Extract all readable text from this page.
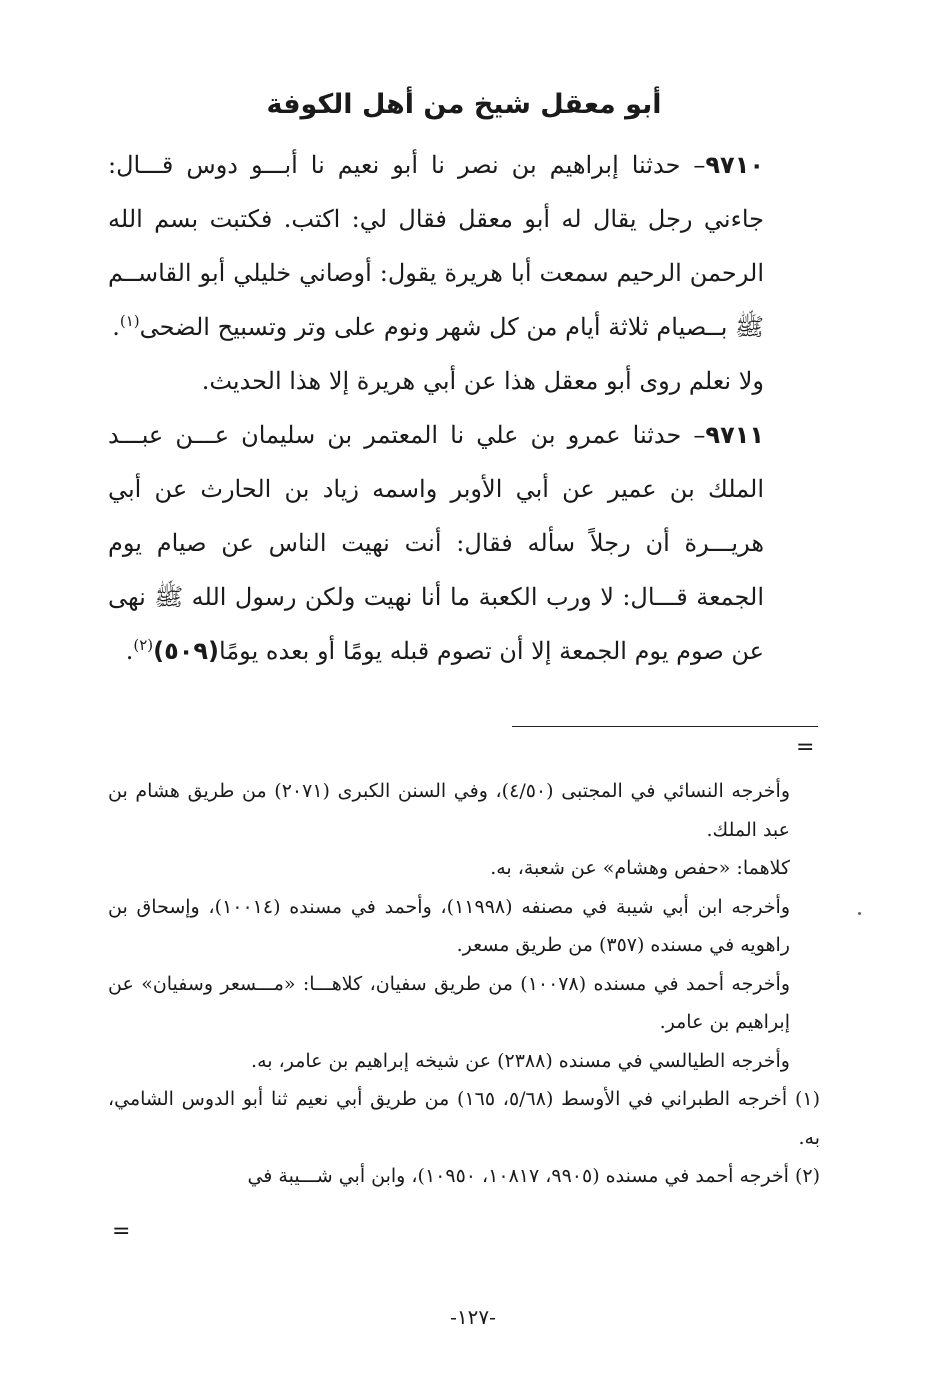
أبو معقل شيخ من أهل الكوفة

٩٧١٠– حدثنا إبراهيم بن نصر نا أبو نعيم نا أبـــو دوس قـــال: جاءني رجل يقال له أبو معقل فقال لي: اكتب. فكتبت بسم الله الرحمن الرحيم سمعت أبا هريرة يقول: أوصاني خليلي أبو القاســم ﷺ بــصيام ثلاثة أيام من كل شهر ونوم على وتر وتسبيح الضحى$^{(١)}$.

ولا نعلم روى أبو معقل هذا عن أبي هريرة إلا هذا الحديث.

٩٧١١– حدثنا عمرو بن علي نا المعتمر بن سليمان عـــن عبـــد الملك بن عمير عن أبي الأوبر واسمه زياد بن الحارث عن أبي هريـــرة أن رجلاً سأله فقال: أنت نهيت الناس عن صيام يوم الجمعة قـــال: لا ورب الكعبة ما أنا نهيت ولكن رسول الله ﷺ نهى عن صوم يوم الجمعة إلا أن تصوم قبله يومًا أو بعده يومًا(٥٠٩)$^{(٢)}$.

=

وأخرجه النسائي في المجتبى (٤/٥٠)، وفي السنن الكبرى (٢٠٧١) من طريق هشام بن عبد الملك.

كلاهما: «حفص وهشام» عن شعبة، به.

وأخرجه ابن أبي شيبة في مصنفه (١١٩٩٨)، وأحمد في مسنده (١٠٠١٤)، وإسحاق بن راهويه في مسنده (٣٥٧) من طريق مسعر.

وأخرجه أحمد في مسنده (١٠٠٧٨) من طريق سفيان، كلاهـــا: «مـــسعر وسفيان» عن إبراهيم بن عامر.

وأخرجه الطيالسي في مسنده (٢٣٨٨) عن شيخه إبراهيم بن عامر، به.

(١) أخرجه الطبراني في الأوسط (٥/٦٨، ١٦٥) من طريق أبي نعيم ثنا أبو الدوس الشامي، به.

(٢) أخرجه أحمد في مسنده (٩٩٠٥، ١٠٨١٧، ١٠٩٥٠)، وابن أبي شـــيبة في

=
-١٢٧-
